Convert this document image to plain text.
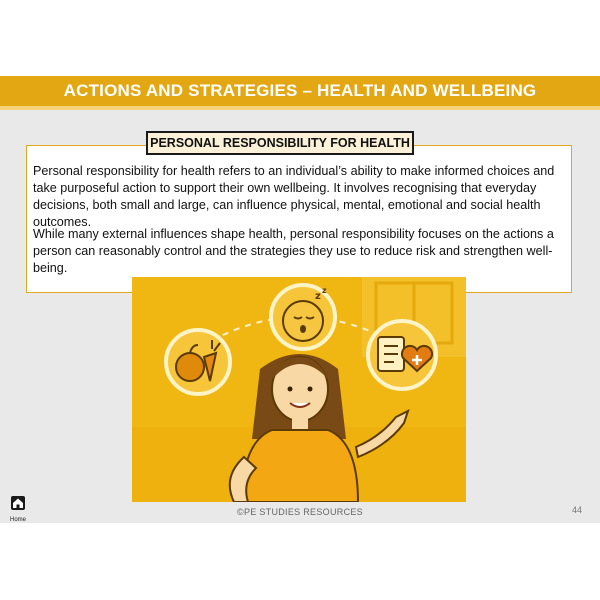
ACTIONS AND STRATEGIES – HEALTH AND WELLBEING
PERSONAL RESPONSIBILITY FOR HEALTH

Personal responsibility for health refers to an individual’s ability to make informed choices and take purposeful action to support their own wellbeing. It involves recognising that everyday decisions, both small and large, can influence physical, mental, emotional and social health outcomes.

While many external influences shape health, personal responsibility focuses on the actions a person can reasonably control and the strategies they use to reduce risk and strengthen well-being.

z
z
©PE STUDIES RESOURCES	44
Home
